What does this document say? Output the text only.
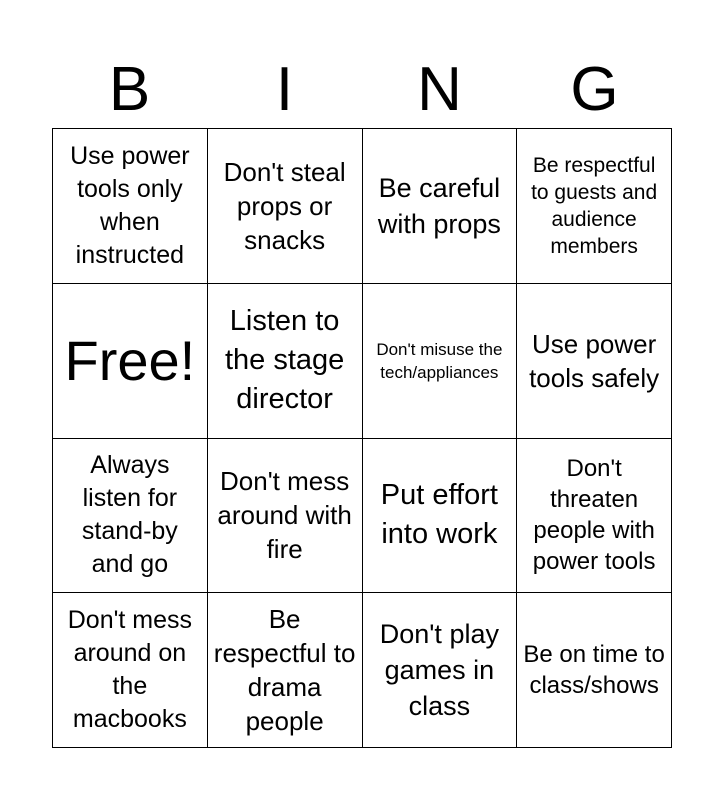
B	I	N	G
Use power tools only when instructed
Don't steal props or snacks
Be careful with props
Be respectful to guests and audience members
Free!
Listen to the stage director
Don't misuse the tech/appliances
Use power tools safely
Always listen for stand-by and go
Don't mess around with fire
Put effort into work
Don't threaten people with power tools
Don't mess around on the macbooks
Be respectful to drama people
Don't play games in class
Be on time to class/shows
